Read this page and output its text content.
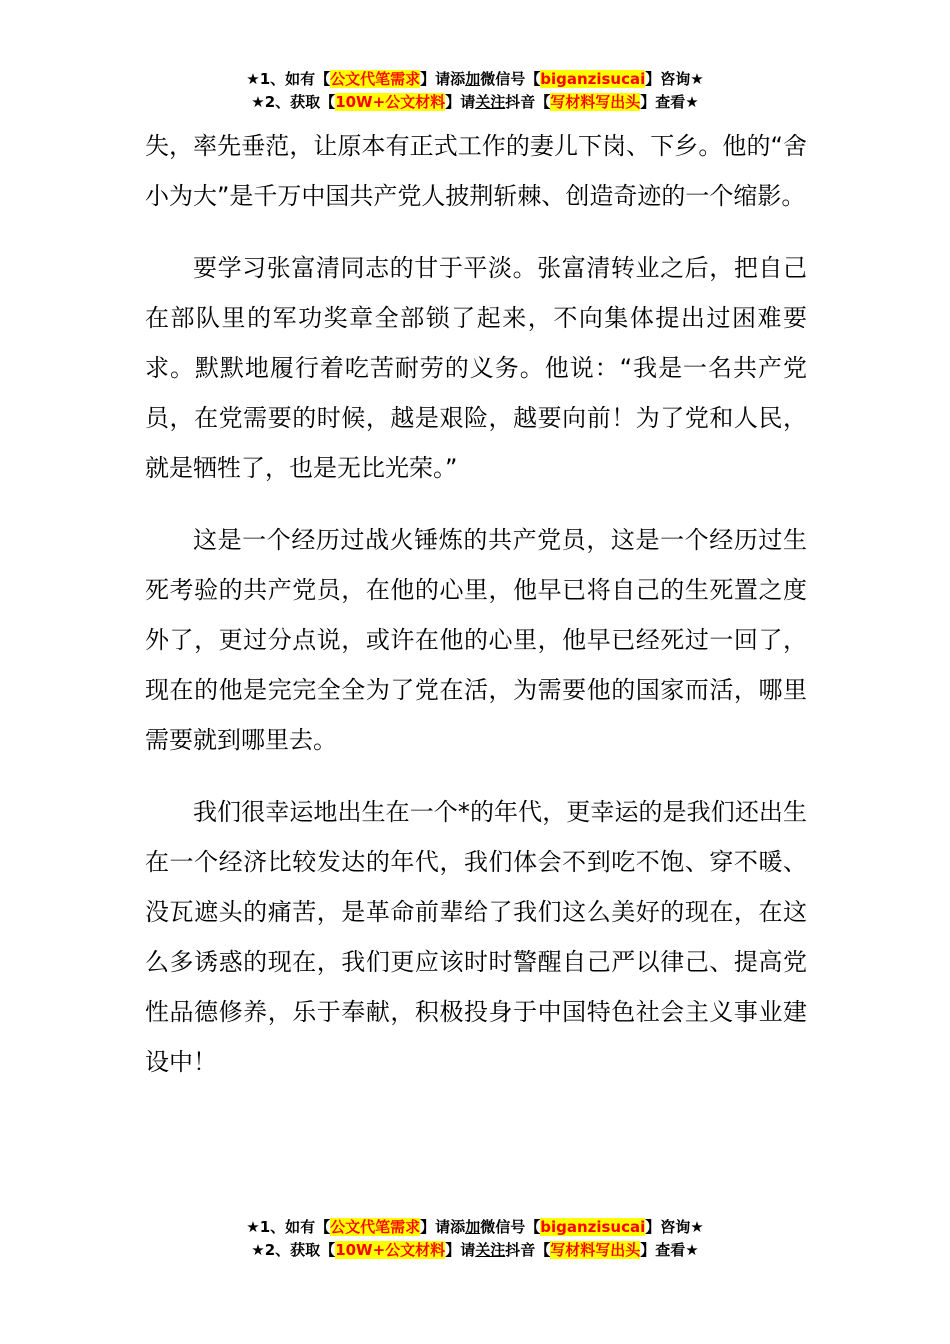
★1、如有【公文代笔需求】请添加微信号【biganzisucai】咨询★
★2、获取【10W+公文材料】请关注抖音【写材料写出头】查看★

失，率先垂范，让原本有正式工作的妻儿下岗、下乡。他的“舍小为大”是千万中国共产党人披荆斩棘、创造奇迹的一个缩影。

要学习张富清同志的甘于平淡。张富清转业之后，把自己在部队里的军功奖章全部锁了起来，不向集体提出过困难要求。默默地履行着吃苦耐劳的义务。他说：“我是一名共产党员，在党需要的时候，越是艰险，越要向前！为了党和人民，就是牺牲了，也是无比光荣。”

这是一个经历过战火锤炼的共产党员，这是一个经历过生死考验的共产党员，在他的心里，他早已将自己的生死置之度外了，更过分点说，或许在他的心里，他早已经死过一回了，现在的他是完完全全为了党在活，为需要他的国家而活，哪里需要就到哪里去。

我们很幸运地出生在一个*的年代，更幸运的是我们还出生在一个经济比较发达的年代，我们体会不到吃不饱、穿不暖、没瓦遮头的痛苦，是革命前辈给了我们这么美好的现在，在这么多诱惑的现在，我们更应该时时警醒自己严以律己、提高党性品德修养，乐于奉献，积极投身于中国特色社会主义事业建设中！

★1、如有【公文代笔需求】请添加微信号【biganzisucai】咨询★
★2、获取【10W+公文材料】请关注抖音【写材料写出头】查看★
